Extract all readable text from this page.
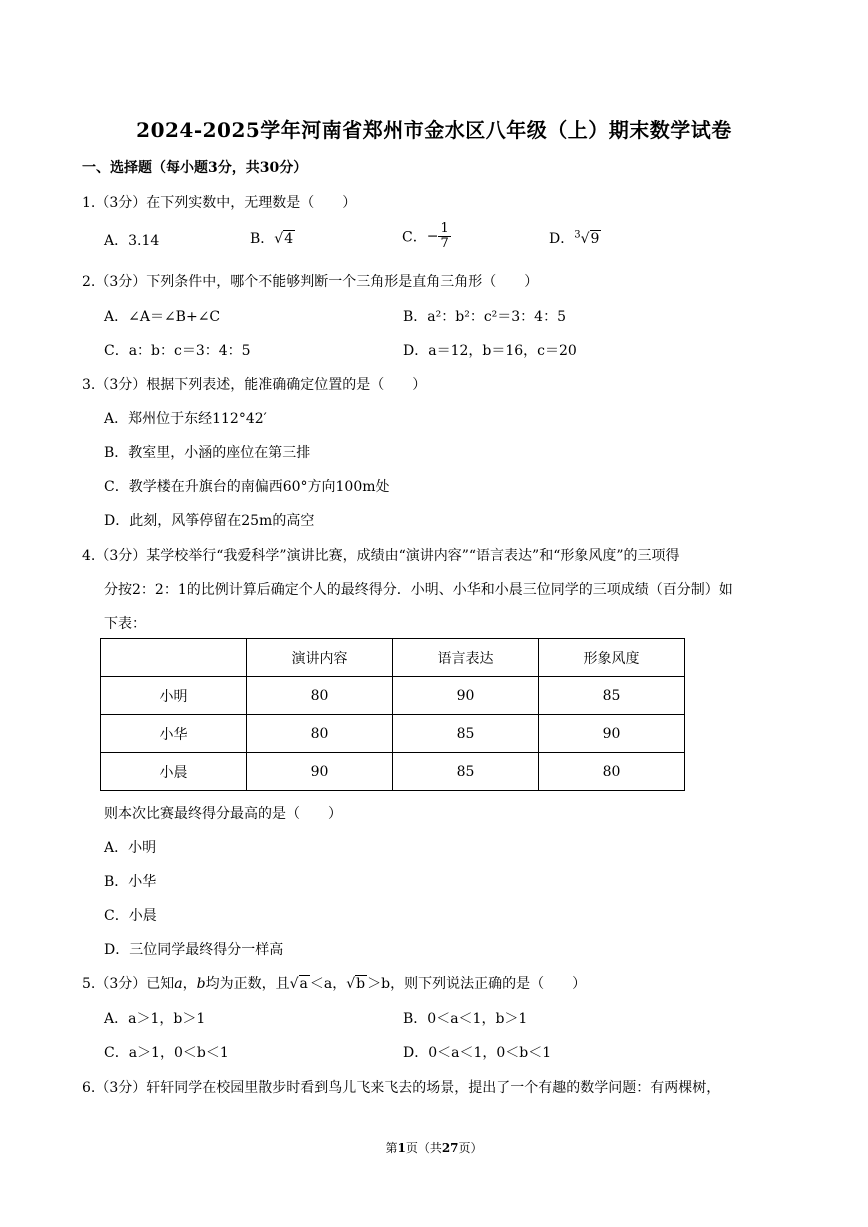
2024-2025学年河南省郑州市金水区八年级（上）期末数学试卷
一、选择题（每小题3分，共30分）
1.（3分）在下列实数中，无理数是（　　）
A．3.14	B．√4	C．− $\frac{1}{7}$	D．$^3$√9
2.（3分）下列条件中，哪个不能够判断一个三角形是直角三角形（　　）
A．∠A＝∠B+∠C	B．a²：b²：c²＝3：4：5
C．a：b：c＝3：4：5	D．a＝12，b＝16，c＝20
3.（3分）根据下列表述，能准确确定位置的是（　　）
A．郑州位于东经112°42′
B．教室里，小涵的座位在第三排
C．教学楼在升旗台的南偏西60°方向100m处
D．此刻，风筝停留在25m的高空
4.（3分）某学校举行“我爱科学”演讲比赛，成绩由“演讲内容”“语言表达”和“形象风度”的三项得
分按2：2：1的比例计算后确定个人的最终得分．小明、小华和小晨三位同学的三项成绩（百分制）如
下表：
	演讲内容	语言表达	形象风度
小明	80	90	85
小华	80	85	90
小晨	90	85	80
则本次比赛最终得分最高的是（　　）
A．小明
B．小华
C．小晨
D．三位同学最终得分一样高
5.（3分）已知a，b均为正数，且√a ＜a，√b ＞b，则下列说法正确的是（　　）
A．a＞1，b＞1	B．0＜a＜1，b＞1
C．a＞1，0＜b＜1	D．0＜a＜1，0＜b＜1
6.（3分）轩轩同学在校园里散步时看到鸟儿飞来飞去的场景，提出了一个有趣的数学问题：有两棵树，
第1页（共27页）
